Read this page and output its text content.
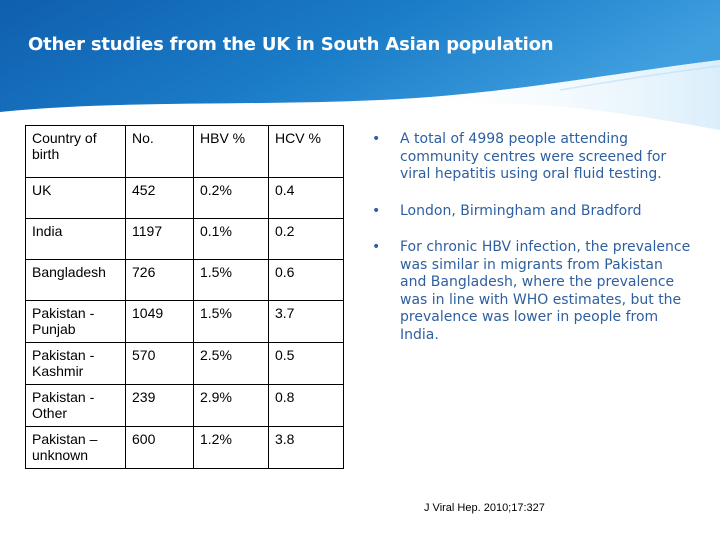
Other studies from the UK in South Asian population
Country of birth	No.	HBV %	HCV %
UK	452	0.2%	0.4
India	1197	0.1%	0.2
Bangladesh	726	1.5%	0.6
Pakistan - Punjab	1049	1.5%	3.7
Pakistan - Kashmir	570	2.5%	0.5
Pakistan - Other	239	2.9%	0.8
Pakistan – unknown	600	1.2%	3.8
• A total of 4998 people attending community centres were screened for viral hepatitis using oral fluid testing.
• London, Birmingham and Bradford
• For chronic HBV infection, the prevalence was similar in migrants from Pakistan and Bangladesh, where the prevalence was in line with WHO estimates, but the prevalence was lower in people from India.
J Viral Hep. 2010;17:327
